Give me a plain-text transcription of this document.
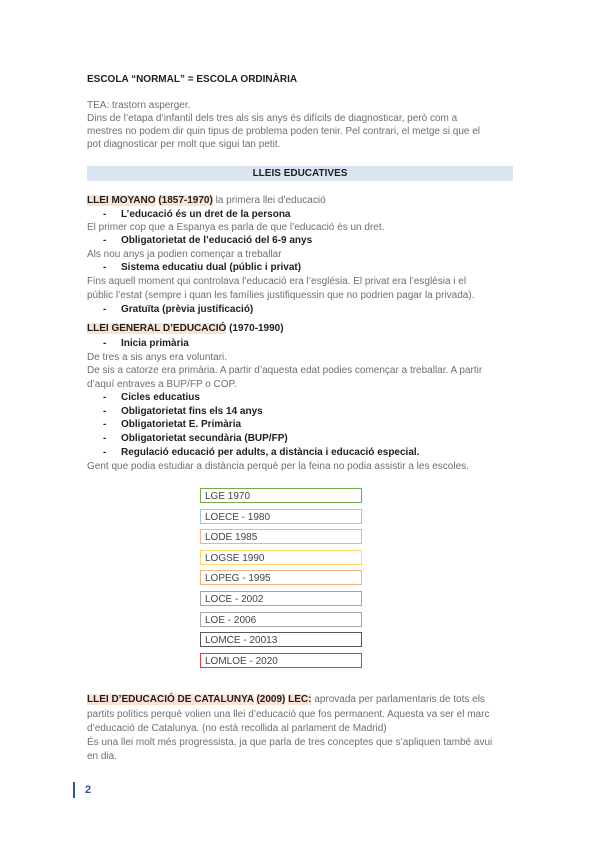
ESCOLA “NORMAL” = ESCOLA ORDINÀRIA
TEA: trastorn asperger.
Dins de l’etapa d’infantil dels tres als sis anys és difícils de diagnosticar, però com a
mestres no podem dir quin tipus de problema poden tenir. Pel contrari, el metge si que el
pot diagnosticar per molt que sigui tan petit.
LLEIS EDUCATIVES
LLEI MOYANO (1857-1970) la primera llei d’educació
- L’educació és un dret de la persona
El primer cop que a Espanya es parla de que l’educació és un dret.
- Obligatorietat de l’educació del 6-9 anys
Als nou anys ja podien començar a treballar
- Sistema educatiu dual (públic i privat)
Fins aquell moment qui controlava l’educació era l’església. El privat era l’església i el
públic l’estat (sempre i quan les famílies justifiquessin que no podrien pagar la privada).
- Gratuïta (prèvia justificació)
LLEI GENERAL D’EDUCACIÓ (1970-1990)
- Inicia primària
De tres a sis anys era voluntari.
De sis a catorze era primària. A partir d’aquesta edat podies començar a treballar. A partir
d’aquí entraves a BUP/FP o COP.
- Cicles educatius
- Obligatorietat fins els 14 anys
- Obligatorietat E. Primària
- Obligatorietat secundària (BUP/FP)
- Regulació educació per adults, a distància i educació especial.
Gent que podia estudiar a distància perquè per la feina no podia assistir a les escoles.
LGE 1970
LOECE - 1980
LODE 1985
LOGSE 1990
LOPEG - 1995
LOCE - 2002
LOE - 2006
LOMCE - 20013
LOMLOE - 2020
LLEI D’EDUCACIÓ DE CATALUNYA (2009) LEC: aprovada per parlamentaris de tots els
partits polítics perquè volien una llei d’educació que fos permanent. Aquesta va ser el marc
d’educació de Catalunya. (no està recollida al parlament de Madrid)
És una llei molt més progressista, ja que parla de tres conceptes que s’apliquen també avui
en dia.
2
